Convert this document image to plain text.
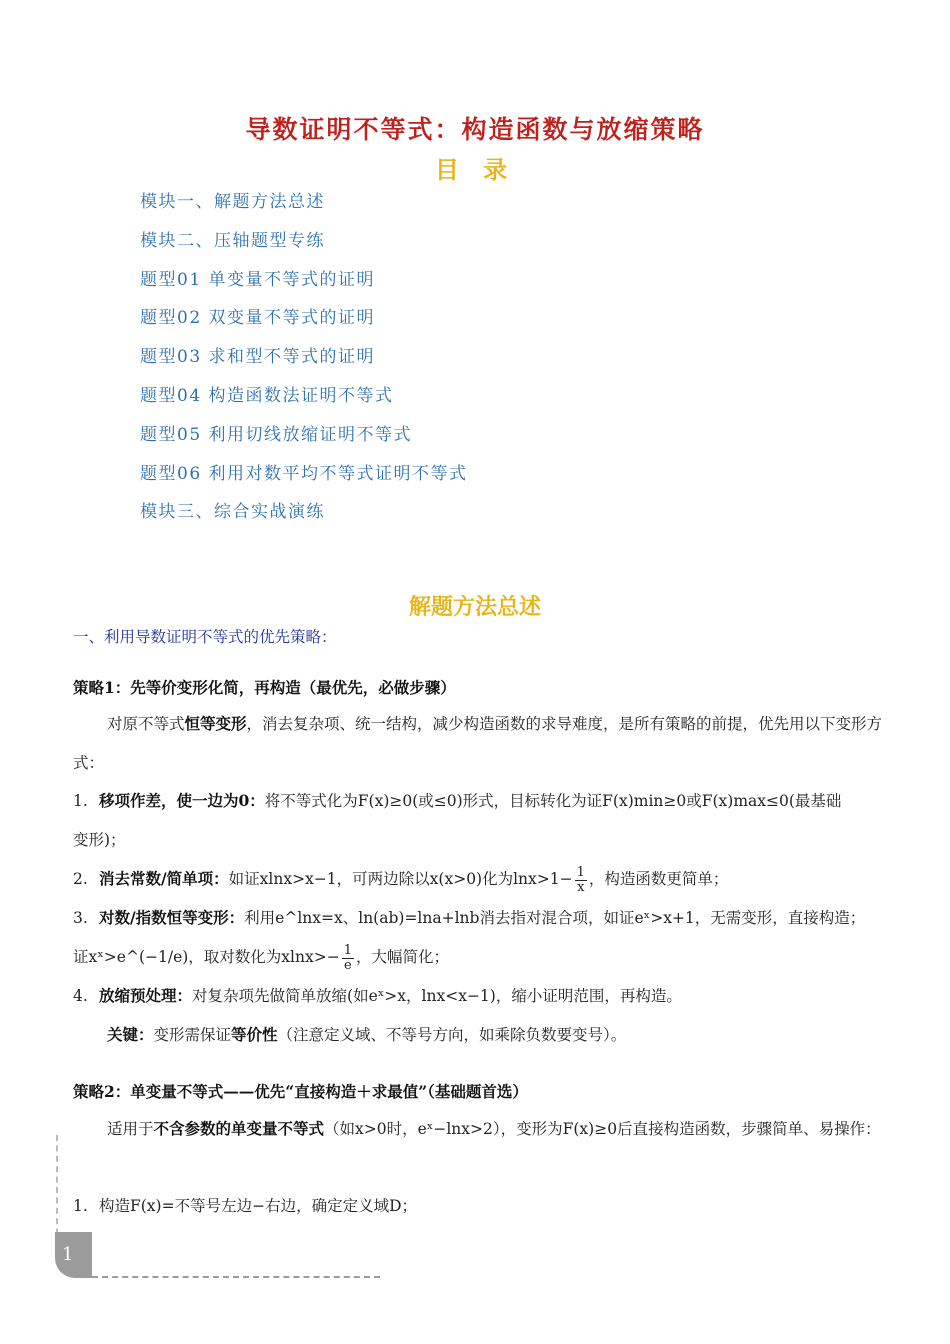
导数证明不等式：构造函数与放缩策略
目 录
模块一、解题方法总述
模块二、压轴题型专练
题型01 单变量不等式的证明
题型02 双变量不等式的证明
题型03 求和型不等式的证明
题型04 构造函数法证明不等式
题型05 利用切线放缩证明不等式
题型06 利用对数平均不等式证明不等式
模块三、综合实战演练
解题方法总述
一、利用导数证明不等式的优先策略：
策略1：先等价变形化简，再构造（最优先，必做步骤）
对原不等式恒等变形，消去复杂项、统一结构，减少构造函数的求导难度，是所有策略的前提，优先用以下变形方式：
1. 移项作差，使一边为0：将不等式化为F(x)≥0(或≤0)形式，目标转化为证F(x)min≥0或F(x)max≤0(最基础
变形)；
2. 消去常数/简单项：如证xlnx>x−1，可两边除以x(x>0)化为$\ln x>1- \frac{1}{x}$ ，构造函数更简单；
3. 对数/指数恒等变形：利用e^lnx=x、ln(ab)=lna+lnb消去指对混合项，如证eˣ>x+1，无需变形，直接构造；
证xˣ>e^(−1/e)，取对数化为$xlnx>- \frac{1}{e}$ ，大幅简化；
4. 放缩预处理：对复杂项先做简单放缩(如eˣ>x，lnx<x−1)，缩小证明范围，再构造。
关键：变形需保证等价性（注意定义域、不等号方向，如乘除负数要变号）。
策略2：单变量不等式——优先“直接构造＋求最值”（基础题首选）
适用于不含参数的单变量不等式（如x>0时，eˣ−lnx>2），变形为F(x)≥0后直接构造函数，步骤简单、易操作：
1. 构造F(x)=不等号左边−右边，确定定义域D；
1
